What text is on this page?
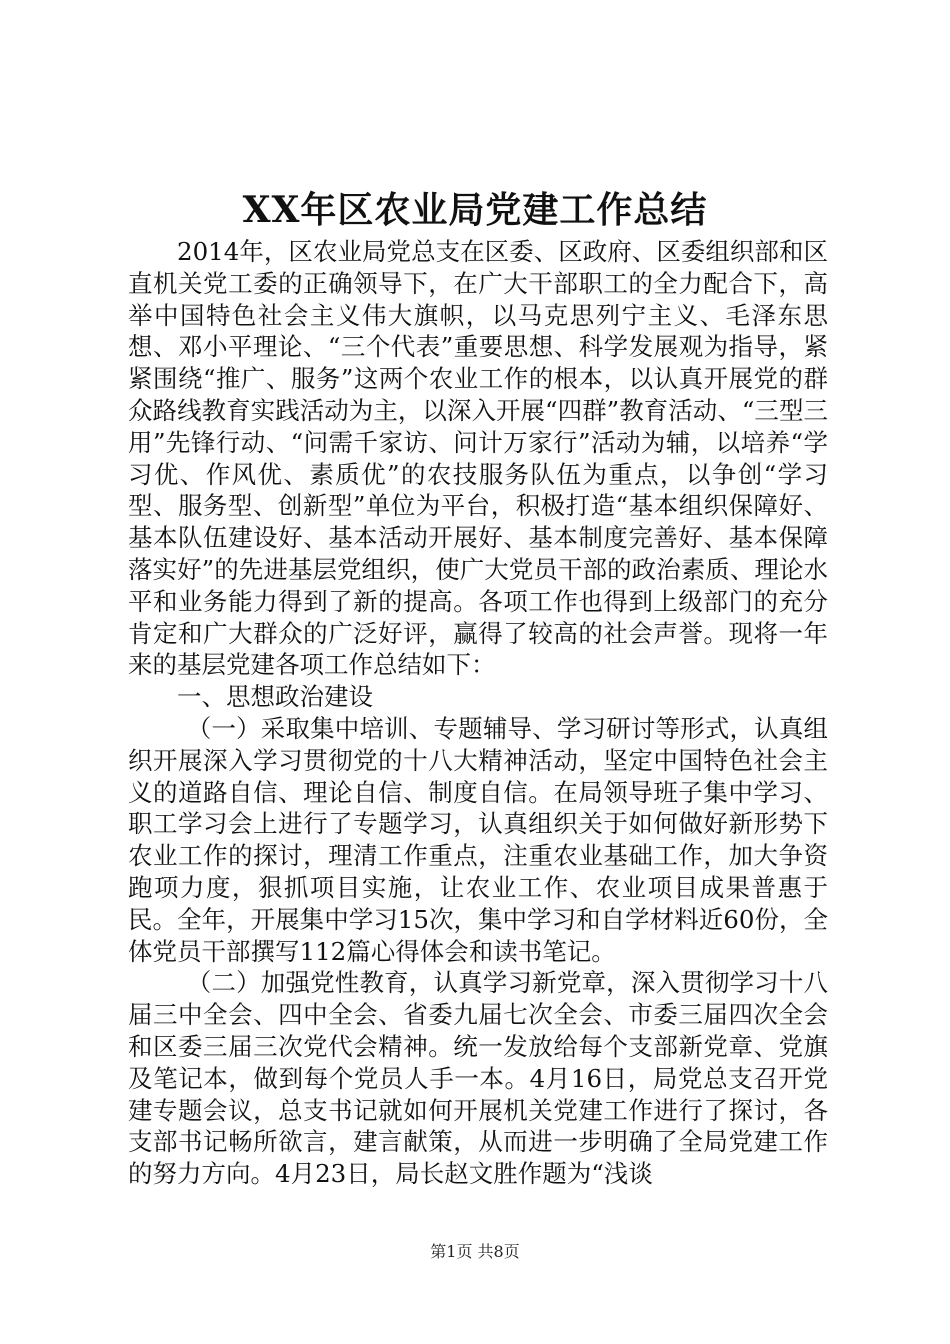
XX年区农业局党建工作总结

2014年，区农业局党总支在区委、区政府、区委组织部和区直机关党工委的正确领导下，在广大干部职工的全力配合下，高举中国特色社会主义伟大旗帜，以马克思列宁主义、毛泽东思想、邓小平理论、“三个代表”重要思想、科学发展观为指导，紧紧围绕“推广、服务”这两个农业工作的根本，以认真开展党的群众路线教育实践活动为主，以深入开展“四群”教育活动、“三型三用”先锋行动、“问需千家访、问计万家行”活动为辅，以培养“学习优、作风优、素质优”的农技服务队伍为重点，以争创“学习型、服务型、创新型”单位为平台，积极打造“基本组织保障好、基本队伍建设好、基本活动开展好、基本制度完善好、基本保障落实好”的先进基层党组织，使广大党员干部的政治素质、理论水平和业务能力得到了新的提高。各项工作也得到上级部门的充分肯定和广大群众的广泛好评，赢得了较高的社会声誉。现将一年来的基层党建各项工作总结如下：

一、思想政治建设

（一）采取集中培训、专题辅导、学习研讨等形式，认真组织开展深入学习贯彻党的十八大精神活动，坚定中国特色社会主义的道路自信、理论自信、制度自信。在局领导班子集中学习、职工学习会上进行了专题学习，认真组织关于如何做好新形势下农业工作的探讨，理清工作重点，注重农业基础工作，加大争资跑项力度，狠抓项目实施，让农业工作、农业项目成果普惠于民。全年，开展集中学习15次，集中学习和自学材料近60份，全体党员干部撰写112篇心得体会和读书笔记。

（二）加强党性教育，认真学习新党章，深入贯彻学习十八届三中全会、四中全会、省委九届七次全会、市委三届四次全会和区委三届三次党代会精神。统一发放给每个支部新党章、党旗及笔记本，做到每个党员人手一本。4月16日，局党总支召开党建专题会议，总支书记就如何开展机关党建工作进行了探讨，各支部书记畅所欲言，建言献策，从而进一步明确了全局党建工作的努力方向。4月23日，局长赵文胜作题为“浅谈

第1页 共8页
